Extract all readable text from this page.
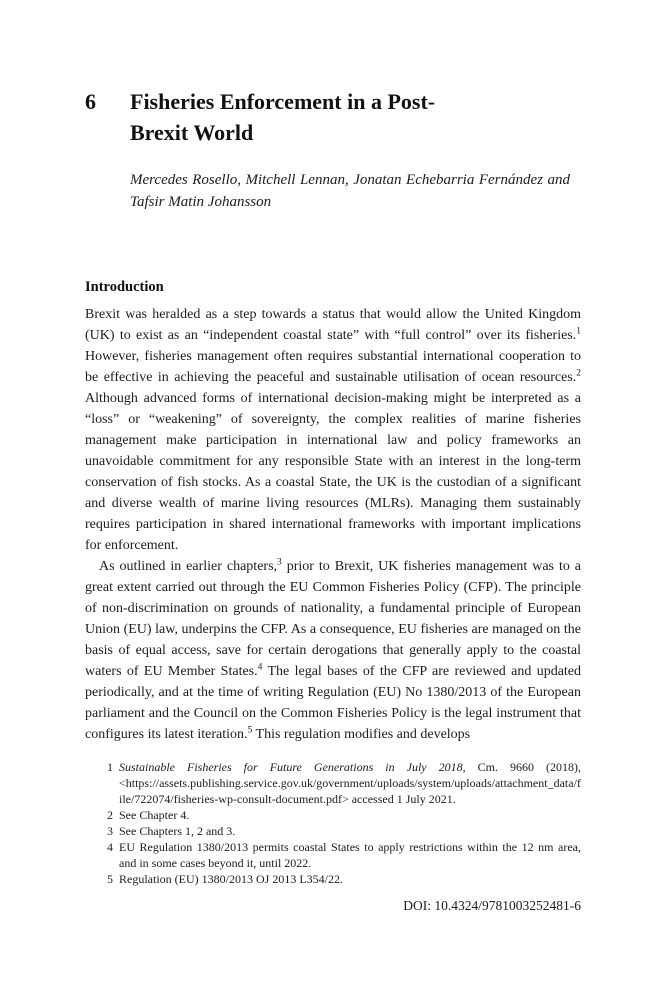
6	Fisheries Enforcement in a Post-Brexit World

Mercedes Rosello, Mitchell Lennan, Jonatan Echebarria Fernández and Tafsir Matin Johansson

Introduction

Brexit was heralded as a step towards a status that would allow the United Kingdom (UK) to exist as an “independent coastal state” with “full control” over its fisheries.$^1$ However, fisheries management often requires substantial international cooperation to be effective in achieving the peaceful and sustainable utilisation of ocean resources.$^2$ Although advanced forms of international decision-making might be interpreted as a “loss” or “weakening” of sovereignty, the complex realities of marine fisheries management make participation in international law and policy frameworks an unavoidable commitment for any responsible State with an interest in the long-term conservation of fish stocks. As a coastal State, the UK is the custodian of a significant and diverse wealth of marine living resources (MLRs). Managing them sustainably requires participation in shared international frameworks with important implications for enforcement.

As outlined in earlier chapters,$^3$ prior to Brexit, UK fisheries management was to a great extent carried out through the EU Common Fisheries Policy (CFP). The principle of non-discrimination on grounds of nationality, a fundamental principle of European Union (EU) law, underpins the CFP. As a consequence, EU fisheries are managed on the basis of equal access, save for certain derogations that generally apply to the coastal waters of EU Member States.$^4$ The legal bases of the CFP are reviewed and updated periodically, and at the time of writing Regulation (EU) No 1380/2013 of the European parliament and the Council on the Common Fisheries Policy is the legal instrument that configures its latest iteration.$^5$ This regulation modifies and develops

1 Sustainable Fisheries for Future Generations in July 2018, Cm. 9660 (2018), <https://assets.publishing.service.gov.uk/government/uploads/system/uploads/attachment_data/file/722074/fisheries-wp-consult-document.pdf> accessed 1 July 2021.
2 See Chapter 4.
3 See Chapters 1, 2 and 3.
4 EU Regulation 1380/2013 permits coastal States to apply restrictions within the 12 nm area, and in some cases beyond it, until 2022.
5 Regulation (EU) 1380/2013 OJ 2013 L354/22.

DOI: 10.4324/9781003252481-6
